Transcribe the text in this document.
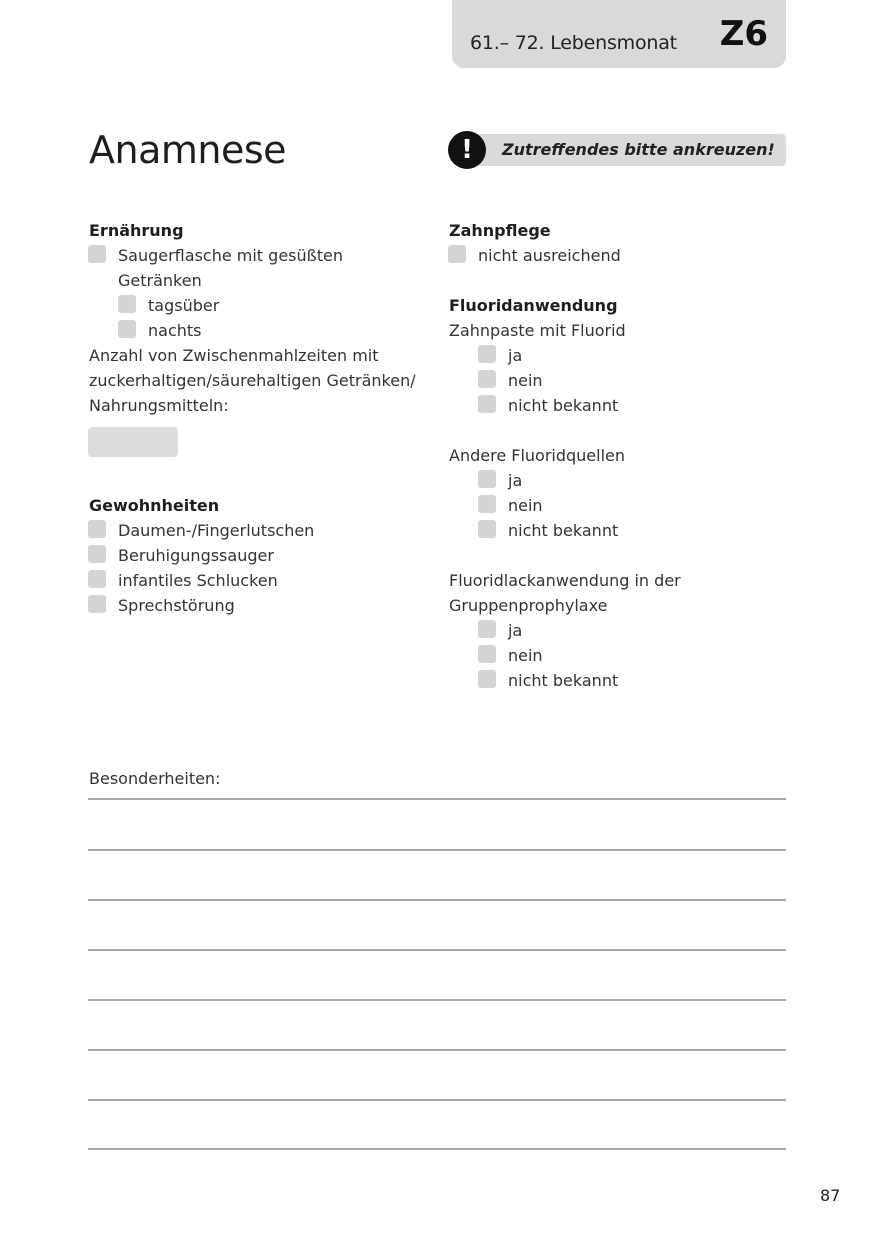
61.– 72. Lebensmonat Z6
Anamnese	!	Zutreffendes bitte ankreuzen!
Ernährung
Saugerflasche mit gesüßten
Getränken
tagsüber
nachts
Anzahl von Zwischenmahlzeiten mit
zuckerhaltigen/säurehaltigen Getränken/
Nahrungsmitteln:
Gewohnheiten
Daumen-/Fingerlutschen
Beruhigungssauger
infantiles Schlucken
Sprechstörung
Zahnpflege
nicht ausreichend
Fluoridanwendung
Zahnpaste mit Fluorid
ja
nein
nicht bekannt
Andere Fluoridquellen
ja
nein
nicht bekannt
Fluoridlackanwendung in der
Gruppenprophylaxe
ja
nein
nicht bekannt
Besonderheiten:
87
